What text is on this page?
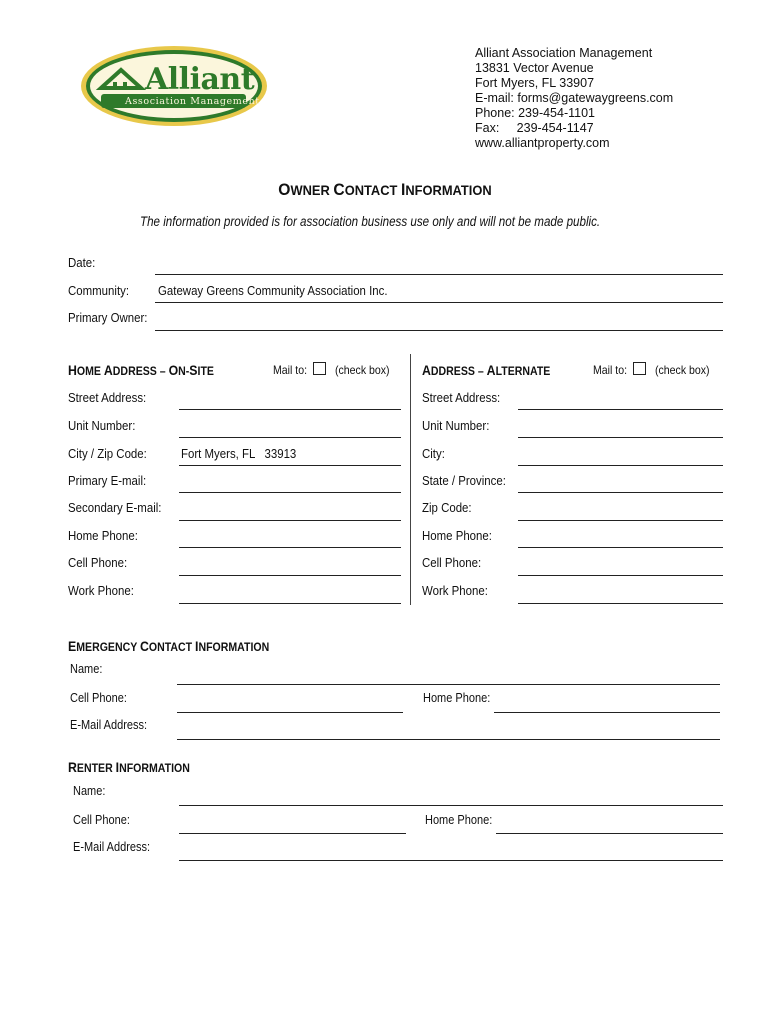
Alliant
Association Management
Alliant Association Management
13831 Vector Avenue
Fort Myers, FL 33907
E-mail: forms@gatewaygreens.com
Phone: 239-454-1101
Fax:     239-454-1147
www.alliantproperty.com
OWNER CONTACT INFORMATION
The information provided is for association business use only and will not be made public.
Date:
Community: Gateway Greens Community Association Inc.
Primary Owner:
HOME ADDRESS – ON-SITE	Mail to: (check box) ADDRESS – ALTERNATE	Mail to: (check box)
Street Address:
Unit Number:
City / Zip Code:	Fort Myers, FL   33913
Primary E-mail:
Secondary E-mail:
Home Phone:
Cell Phone:
Work Phone:
Street Address:
Unit Number:
City:
State / Province:
Zip Code:
Home Phone:
Cell Phone:
Work Phone:
EMERGENCY CONTACT INFORMATION
Name:
Cell Phone:	Home Phone:
E-Mail Address:
RENTER INFORMATION
Name:
Cell Phone:	Home Phone:
E-Mail Address:
